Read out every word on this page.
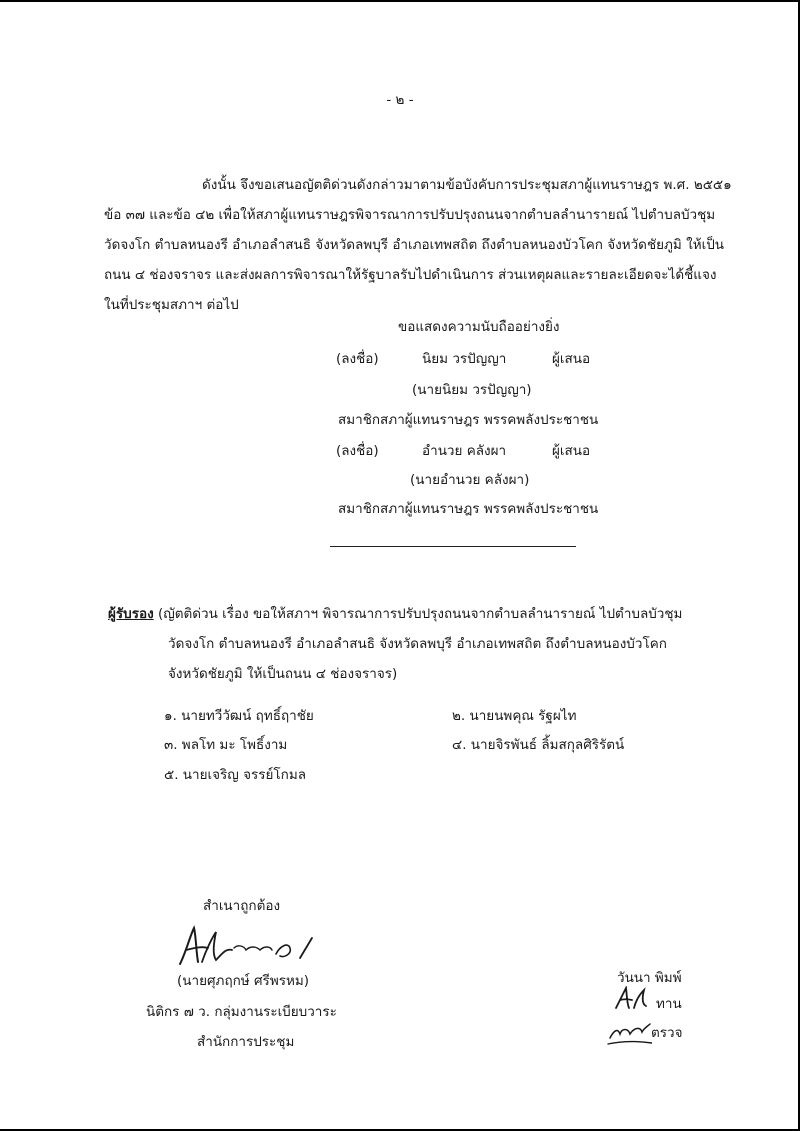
- ๒ -
ดังนั้น จึงขอเสนอญัตติด่วนดังกล่าวมาตามข้อบังคับการประชุมสภาผู้แทนราษฎร พ.ศ. ๒๕๕๑
ข้อ ๓๗ และข้อ ๔๒ เพื่อให้สภาผู้แทนราษฎรพิจารณาการปรับปรุงถนนจากตำบลลำนารายณ์ ไปตำบลบัวชุม
วัดจงโก ตำบลหนองรี อำเภอลำสนธิ จังหวัดลพบุรี อำเภอเทพสถิต ถึงตำบลหนองบัวโคก จังหวัดชัยภูมิ ให้เป็น
ถนน ๔ ช่องจราจร และส่งผลการพิจารณาให้รัฐบาลรับไปดำเนินการ ส่วนเหตุผลและรายละเอียดจะได้ชี้แจง
ในที่ประชุมสภาฯ ต่อไป
ขอแสดงความนับถืออย่างยิ่ง
(ลงชื่อ)	นิยม วรปัญญา	ผู้เสนอ
(นายนิยม วรปัญญา)
สมาชิกสภาผู้แทนราษฎร พรรคพลังประชาชน
(ลงชื่อ)	อำนวย คลังผา	ผู้เสนอ
(นายอำนวย คลังผา)
สมาชิกสภาผู้แทนราษฎร พรรคพลังประชาชน
ผู้รับรอง (ญัตติด่วน เรื่อง ขอให้สภาฯ พิจารณาการปรับปรุงถนนจากตำบลลำนารายณ์ ไปตำบลบัวชุม
วัดจงโก ตำบลหนองรี อำเภอลำสนธิ จังหวัดลพบุรี อำเภอเทพสถิต ถึงตำบลหนองบัวโคก
จังหวัดชัยภูมิ ให้เป็นถนน ๔ ช่องจราจร)
๑. นายทวีวัฒน์ ฤทธิ์ฤาชัย	๒. นายนพคุณ รัฐผไท
๓. พลโท มะ โพธิ์งาม	๔. นายจิรพันธ์ ลิ้มสกุลศิริรัตน์
๕. นายเจริญ จรรย์โกมล
สำเนาถูกต้อง
(นายศุภฤกษ์ ศรีพรหม)
นิติกร ๗ ว. กลุ่มงานระเบียบวาระ
สำนักการประชุม
วันนา พิมพ์
ทาน
ตรวจ
